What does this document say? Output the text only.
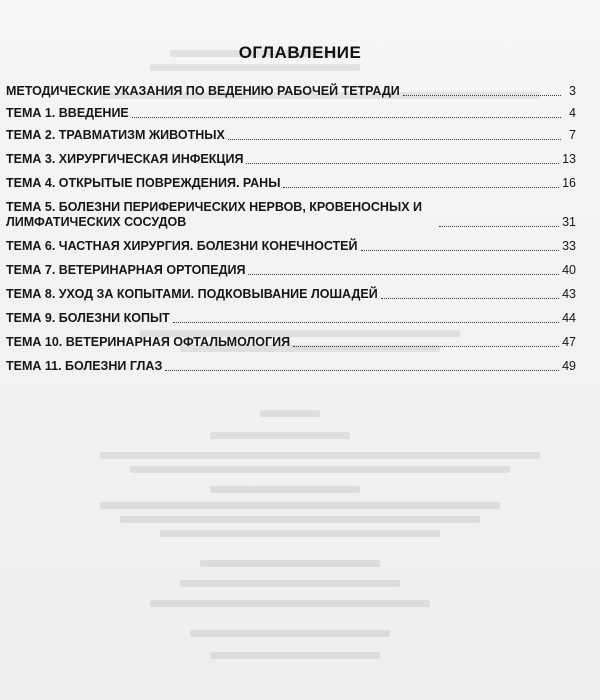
ОГЛАВЛЕНИЕ
МЕТОДИЧЕСКИЕ УКАЗАНИЯ ПО ВЕДЕНИЮ РАБОЧЕЙ ТЕТРАДИ	3
ТЕМА 1. ВВЕДЕНИЕ	4
ТЕМА 2. ТРАВМАТИЗМ ЖИВОТНЫХ	7
ТЕМА 3. ХИРУРГИЧЕСКАЯ ИНФЕКЦИЯ	13
ТЕМА 4. ОТКРЫТЫЕ ПОВРЕЖДЕНИЯ. РАНЫ	16
ТЕМА 5. БОЛЕЗНИ ПЕРИФЕРИЧЕСКИХ НЕРВОВ, КРОВЕНОСНЫХ И ЛИМФАТИЧЕСКИХ СОСУДОВ	31
ТЕМА 6. ЧАСТНАЯ ХИРУРГИЯ. БОЛЕЗНИ КОНЕЧНОСТЕЙ	33
ТЕМА 7. ВЕТЕРИНАРНАЯ ОРТОПЕДИЯ	40
ТЕМА 8. УХОД ЗА КОПЫТАМИ. ПОДКОВЫВАНИЕ ЛОШАДЕЙ	43
ТЕМА 9. БОЛЕЗНИ КОПЫТ	44
ТЕМА 10. ВЕТЕРИНАРНАЯ ОФТАЛЬМОЛОГИЯ	47
ТЕМА 11. БОЛЕЗНИ ГЛАЗ	49
